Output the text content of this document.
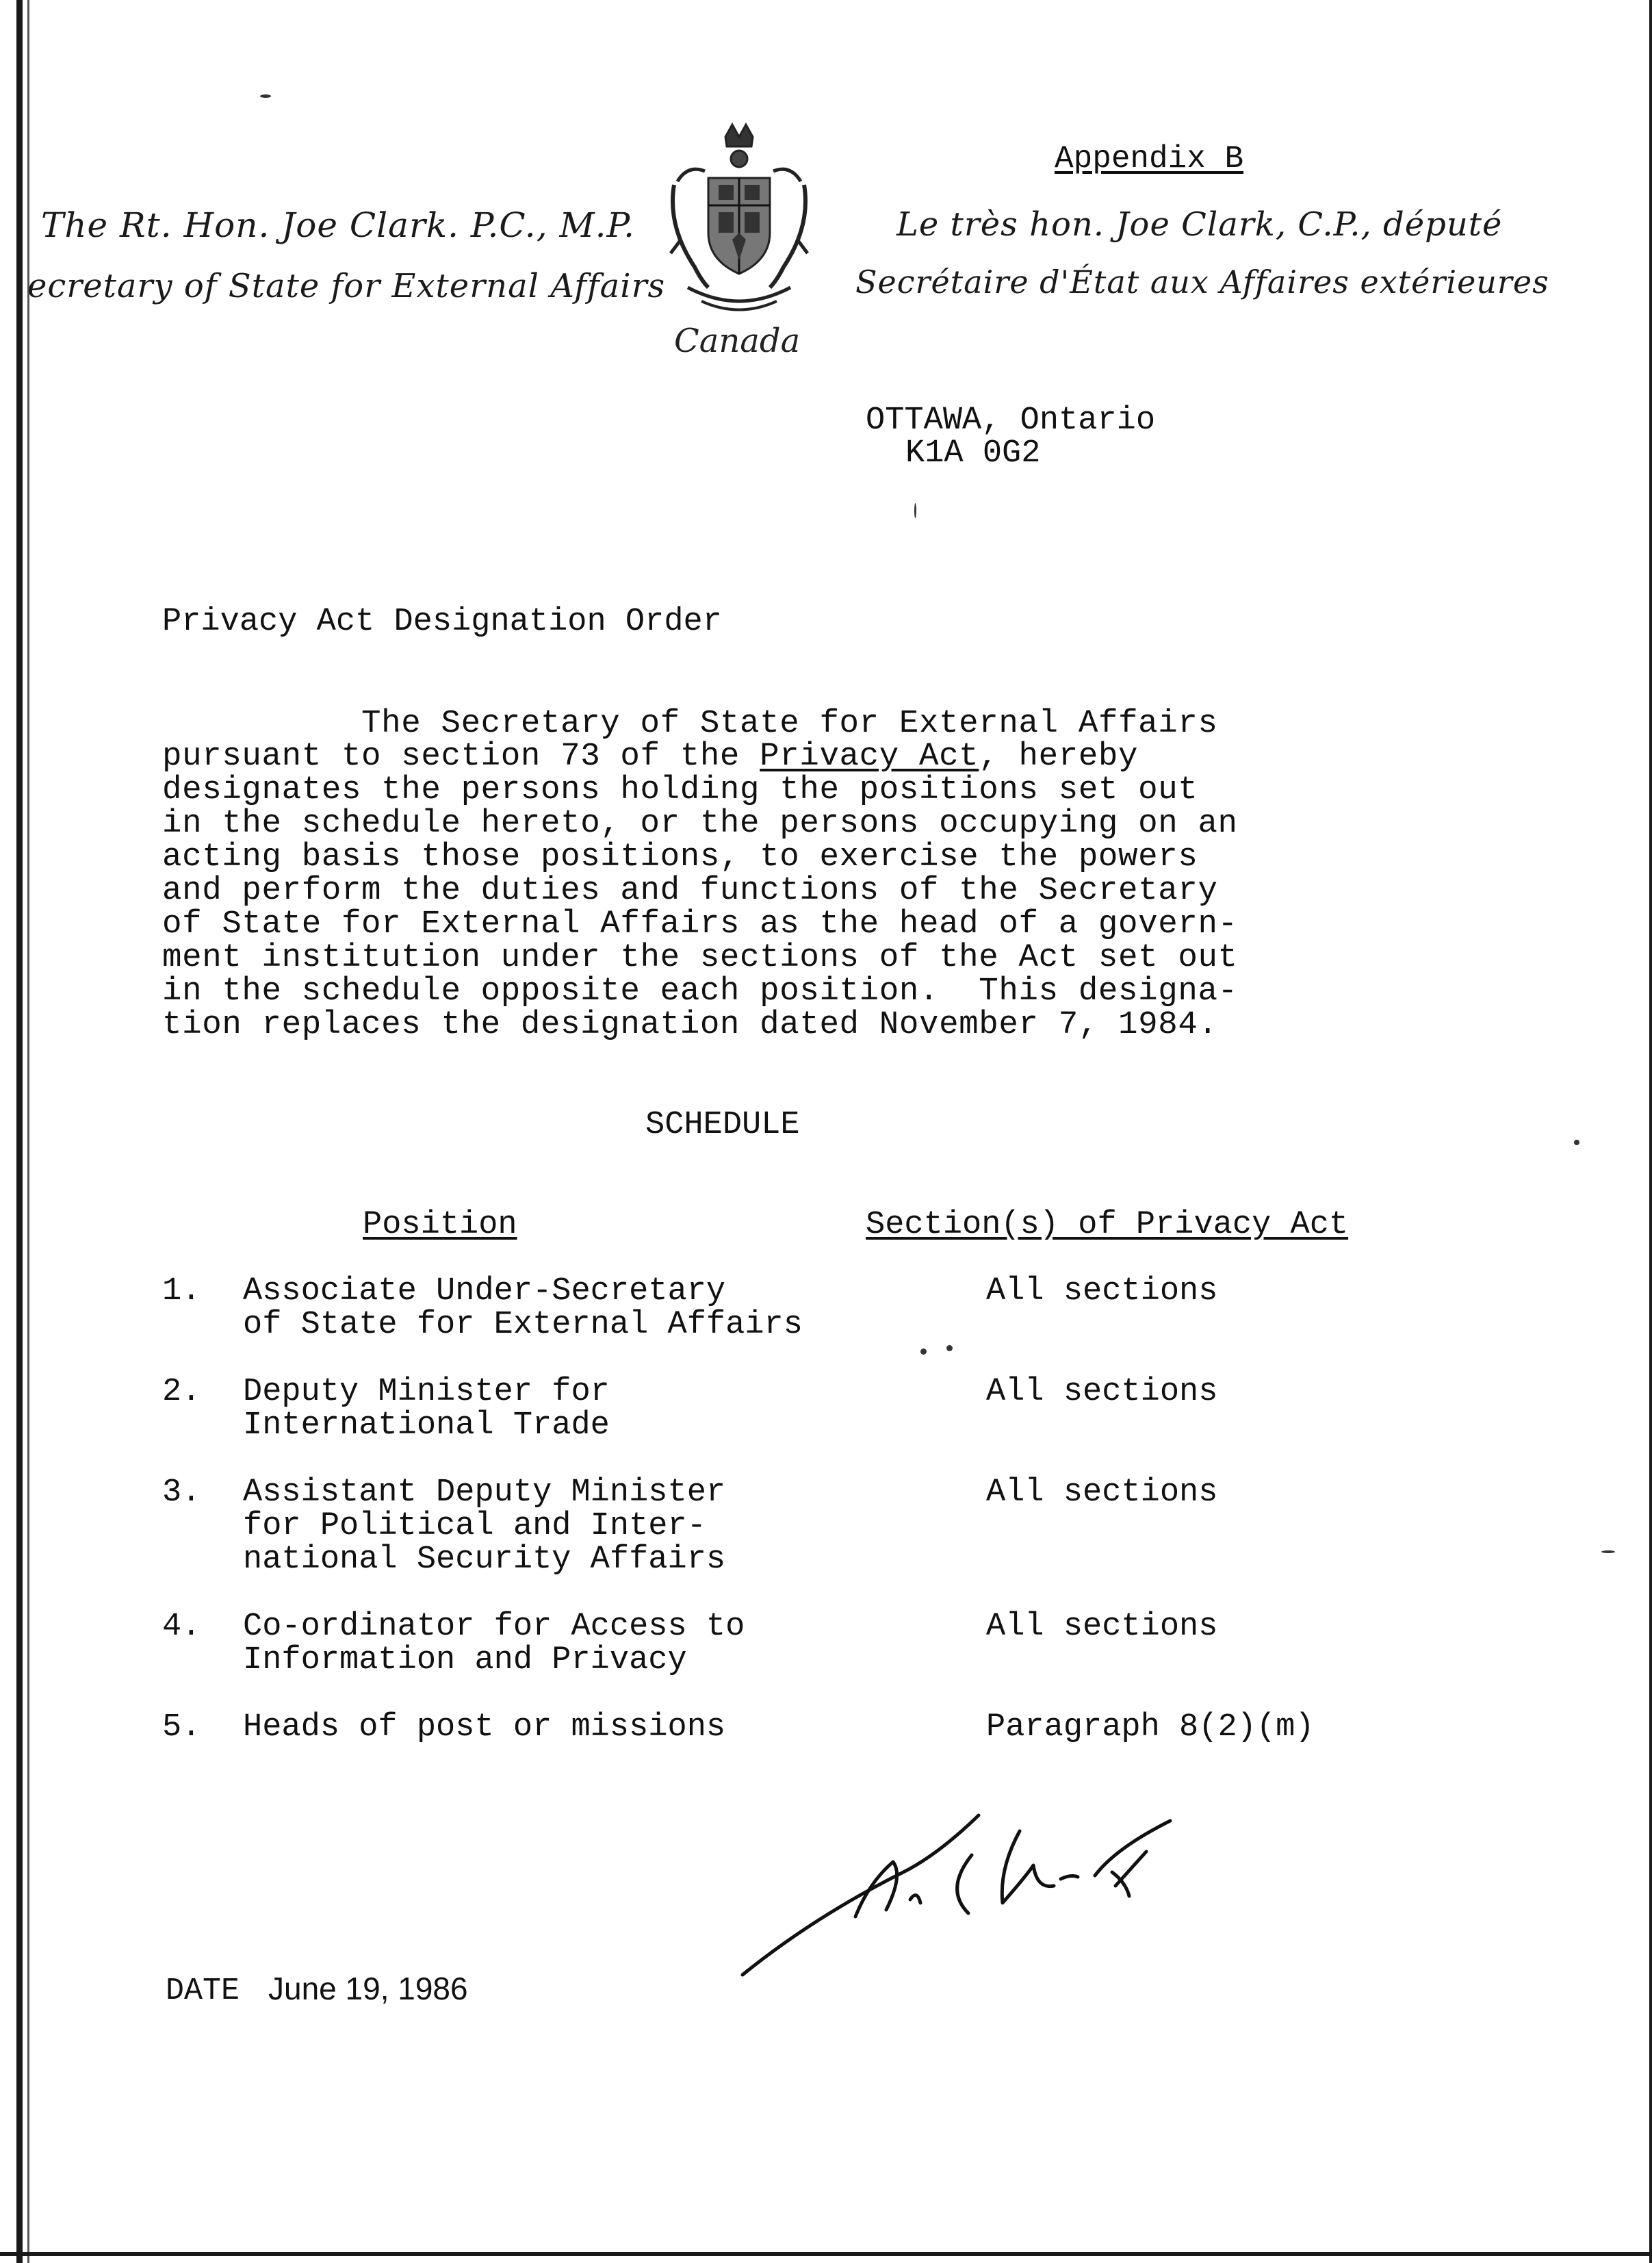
Appendix B
The Rt. Hon. Joe Clark. P.C., M.P.
ecretary of State for External Affairs
Le très hon. Joe Clark, C.P., député
Secrétaire d'État aux Affaires extérieures
Canada
OTTAWA, Ontario
K1A 0G2
Privacy Act Designation Order
The Secretary of State for External Affairs
pursuant to section 73 of the Privacy Act, hereby
designates the persons holding the positions set out
in the schedule hereto, or the persons occupying on an
acting basis those positions, to exercise the powers
and perform the duties and functions of the Secretary
of State for External Affairs as the head of a govern-
ment institution under the sections of the Act set out
in the schedule opposite each position.  This designa-
tion replaces the designation dated November 7, 1984.
SCHEDULE
Position	Section(s) of Privacy Act
1. Associate Under-Secretary
of State for External Affairs
All sections
2. Deputy Minister for
International Trade
All sections
3. Assistant Deputy Minister
for Political and Inter-
national Security Affairs
All sections
4. Co-ordinator for Access to
Information and Privacy
All sections
5. Heads of post or missions	Paragraph 8(2)(m)
DATE June 19, 1986
